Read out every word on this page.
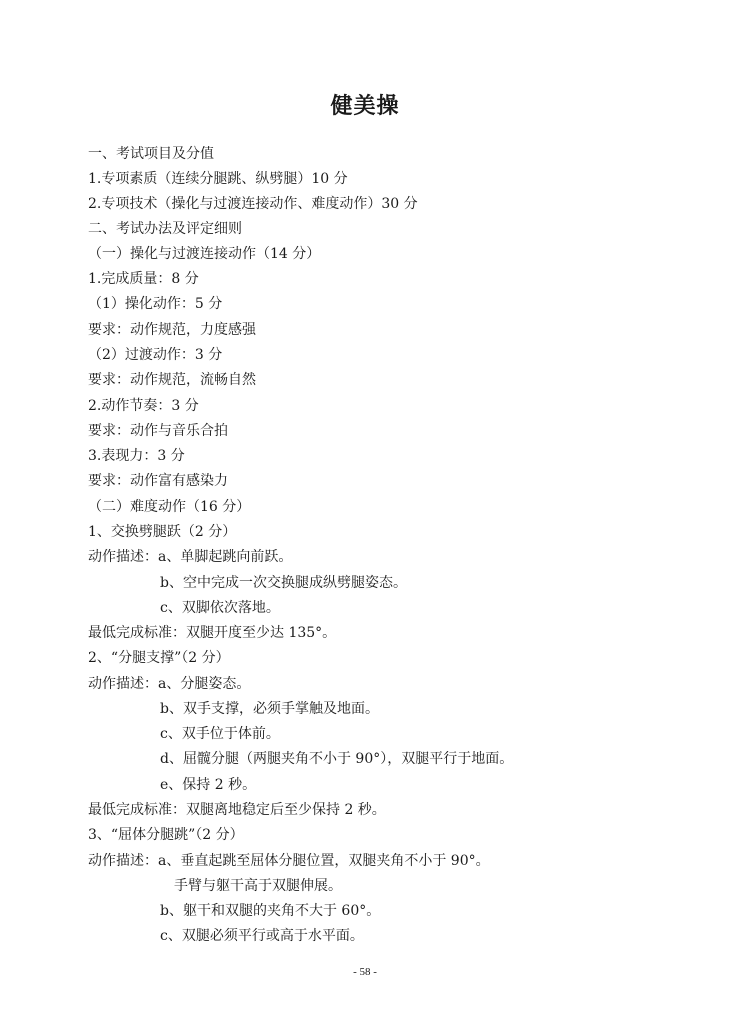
健美操
一、考试项目及分值
1.专项素质（连续分腿跳、纵劈腿）10 分
2.专项技术（操化与过渡连接动作、难度动作）30 分
二、考试办法及评定细则
（一）操化与过渡连接动作（14 分）
1.完成质量：8 分
（1）操化动作：5 分
要求：动作规范，力度感强
（2）过渡动作：3 分
要求：动作规范，流畅自然
2.动作节奏：3 分
要求：动作与音乐合拍
3.表现力：3 分
要求：动作富有感染力
（二）难度动作（16 分）
1、交换劈腿跃（2 分）
动作描述：a、单脚起跳向前跃。
b、空中完成一次交换腿成纵劈腿姿态。
c、双脚依次落地。
最低完成标准：双腿开度至少达 135°。
2、“分腿支撑”（2 分）
动作描述：a、分腿姿态。
b、双手支撑，必须手掌触及地面。
c、双手位于体前。
d、屈髋分腿（两腿夹角不小于 90°），双腿平行于地面。
e、保持 2 秒。
最低完成标准：双腿离地稳定后至少保持 2 秒。
3、“屈体分腿跳”（2 分）
动作描述：a、垂直起跳至屈体分腿位置，双腿夹角不小于 90°。
手臂与躯干高于双腿伸展。
b、躯干和双腿的夹角不大于 60°。
c、双腿必须平行或高于水平面。
- 58 -
